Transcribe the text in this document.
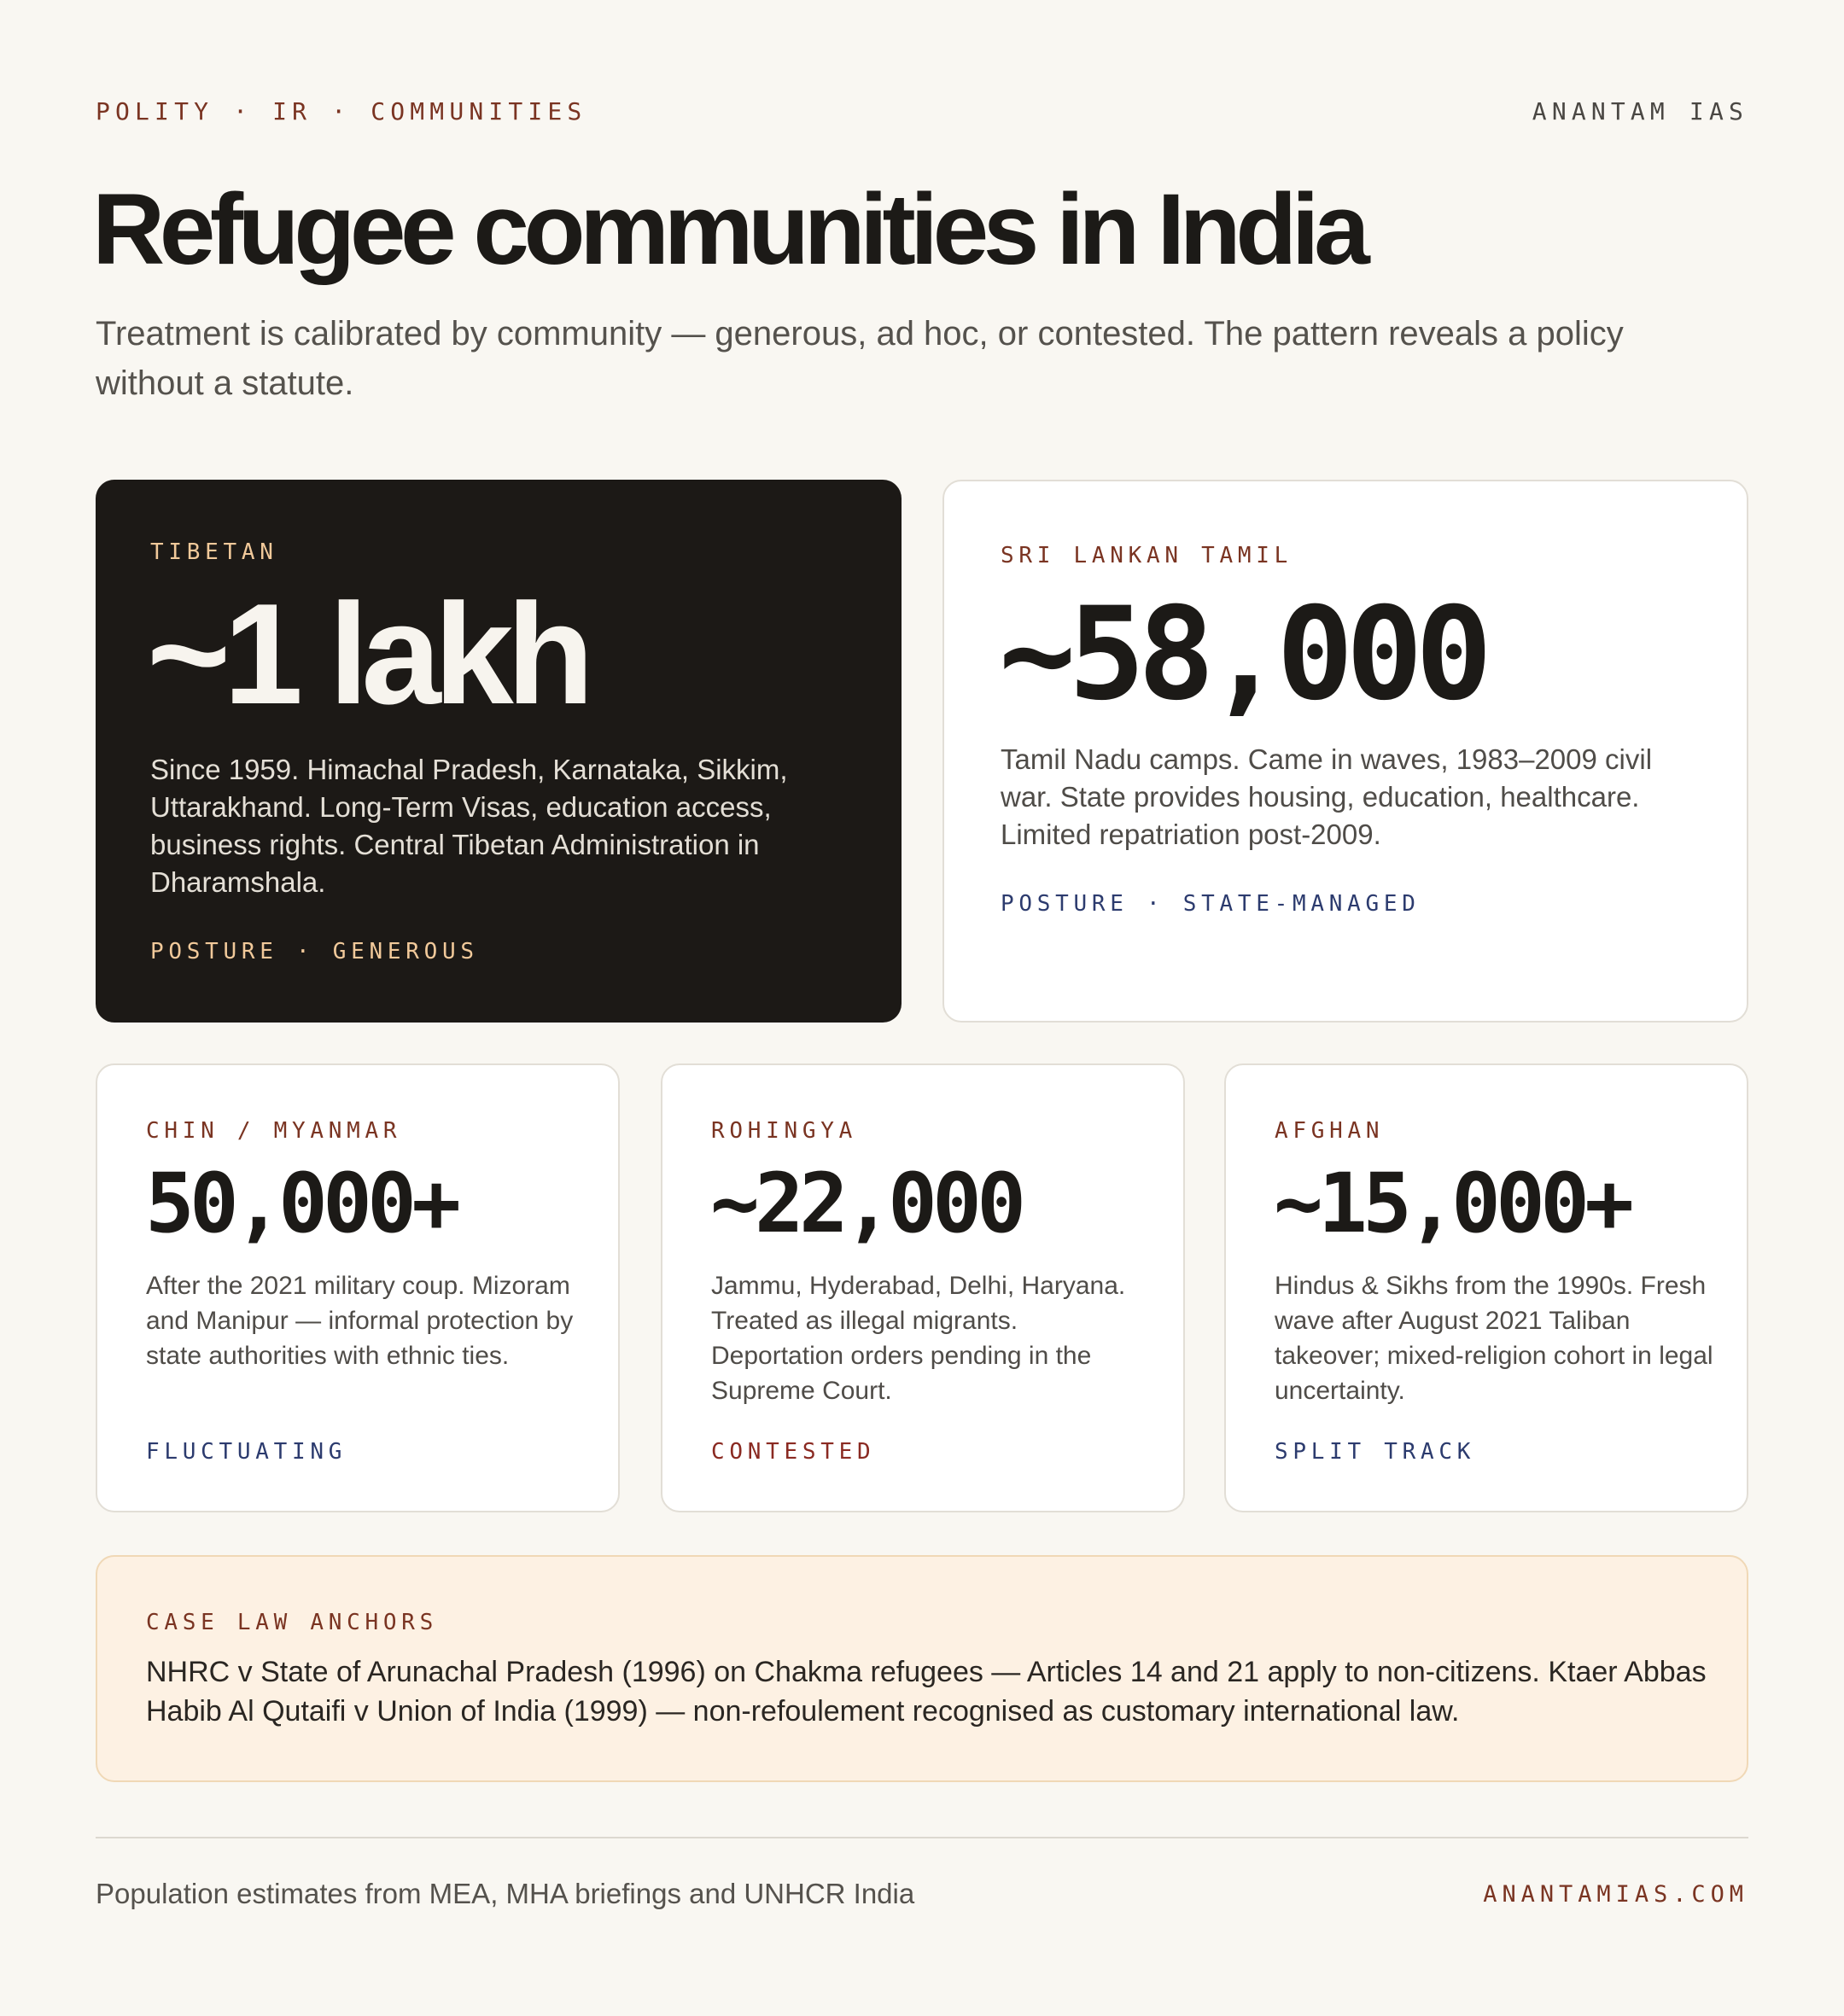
POLITY · IR · COMMUNITIES	ANANTAM IAS
Refugee communities in India

Treatment is calibrated by community — generous, ad hoc, or contested. The pattern reveals a policy without a statute.

TIBETAN
~1 lakh

Since 1959. Himachal Pradesh, Karnataka, Sikkim, Uttarakhand. Long-Term Visas, education access, business rights. Central Tibetan Administration in Dharamshala.

POSTURE · GENEROUS
SRI LANKAN TAMIL
~58,000

Tamil Nadu camps. Came in waves, 1983–2009 civil war. State provides housing, education, healthcare. Limited repatriation post-2009.

POSTURE · STATE-MANAGED
CHIN / MYANMAR
50,000+

After the 2021 military coup. Mizoram and Manipur — informal protection by state authorities with ethnic ties.

FLUCTUATING
ROHINGYA
~22,000

Jammu, Hyderabad, Delhi, Haryana. Treated as illegal migrants. Deportation orders pending in the Supreme Court.

CONTESTED
AFGHAN
~15,000+

Hindus & Sikhs from the 1990s. Fresh wave after August 2021 Taliban takeover; mixed-religion cohort in legal uncertainty.

SPLIT TRACK
CASE LAW ANCHORS

NHRC v State of Arunachal Pradesh (1996) on Chakma refugees — Articles 14 and 21 apply to non-citizens. Ktaer Abbas Habib Al Qutaifi v Union of India (1999) — non-refoulement recognised as customary international law.

Population estimates from MEA, MHA briefings and UNHCR India	ANANTAMIAS.COM
